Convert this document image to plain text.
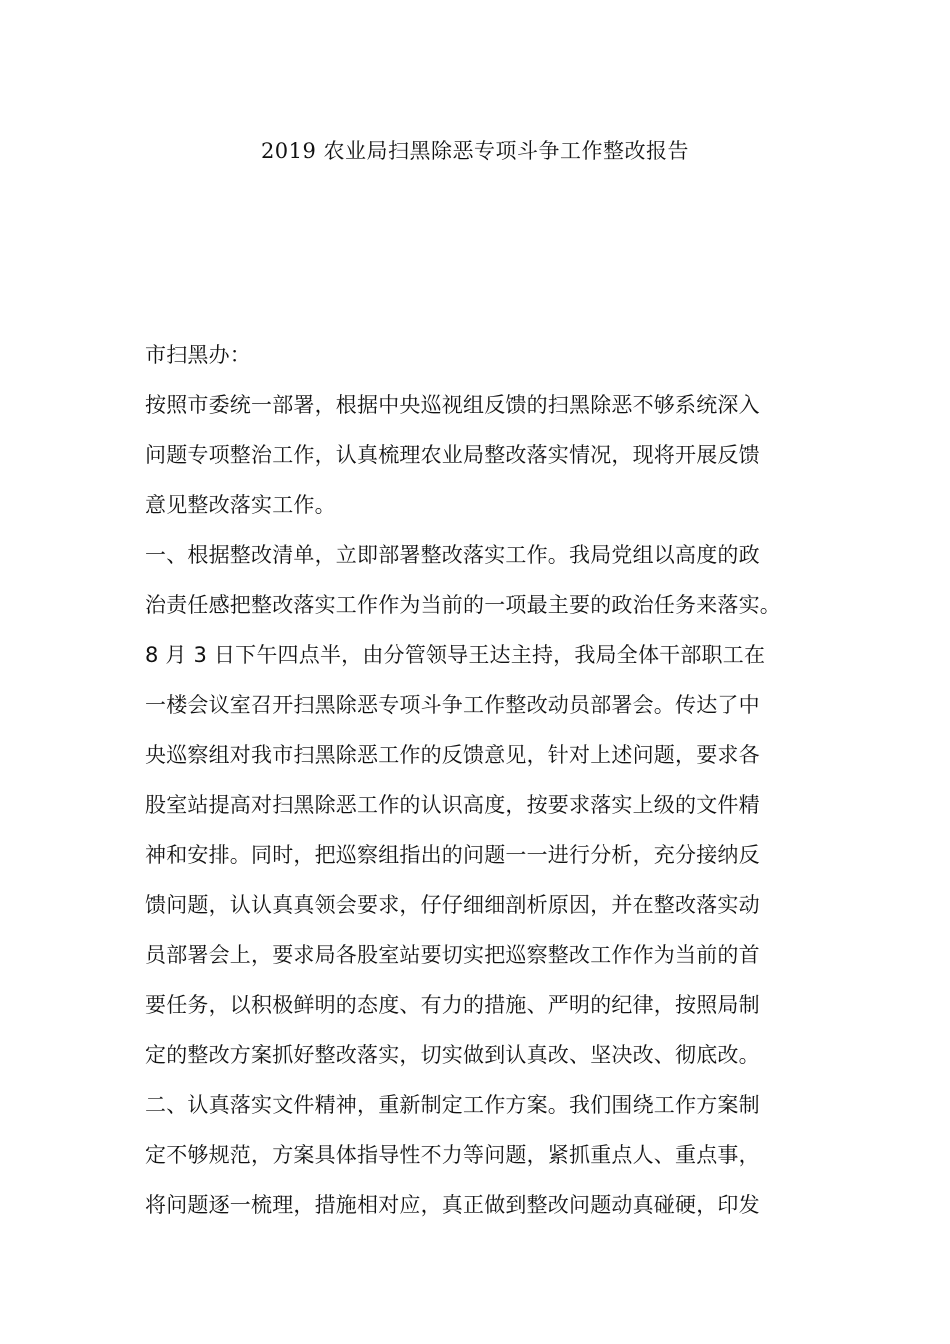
2019 农业局扫黑除恶专项斗争工作整改报告
市扫黑办：
按照市委统一部署，根据中央巡视组反馈的扫黑除恶不够系统深入
问题专项整治工作，认真梳理农业局整改落实情况，现将开展反馈
意见整改落实工作。
一、根据整改清单，立即部署整改落实工作。我局党组以高度的政
治责任感把整改落实工作作为当前的一项最主要的政治任务来落实。
8 月 3 日下午四点半，由分管领导王达主持，我局全体干部职工在
一楼会议室召开扫黑除恶专项斗争工作整改动员部署会。传达了中
央巡察组对我市扫黑除恶工作的反馈意见，针对上述问题，要求各
股室站提高对扫黑除恶工作的认识高度，按要求落实上级的文件精
神和安排。同时，把巡察组指出的问题一一进行分析，充分接纳反
馈问题，认认真真领会要求，仔仔细细剖析原因，并在整改落实动
员部署会上，要求局各股室站要切实把巡察整改工作作为当前的首
要任务，以积极鲜明的态度、有力的措施、严明的纪律，按照局制
定的整改方案抓好整改落实，切实做到认真改、坚决改、彻底改。
二、认真落实文件精神，重新制定工作方案。我们围绕工作方案制
定不够规范，方案具体指导性不力等问题，紧抓重点人、重点事，
将问题逐一梳理，措施相对应，真正做到整改问题动真碰硬，印发
